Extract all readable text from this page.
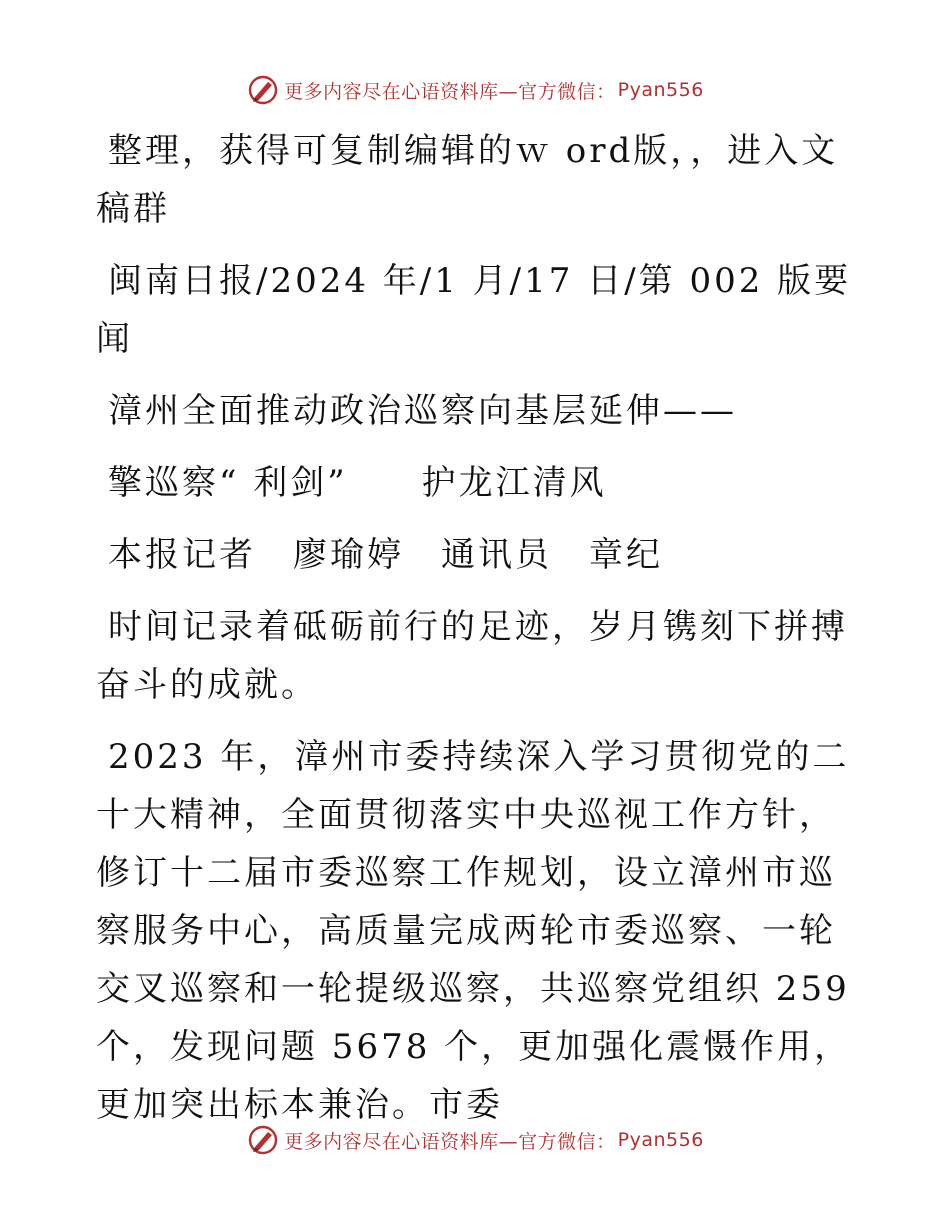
更多内容尽在心语资料库—官方微信： Pyan556

整理，获得可复制编辑的ｗ ord版，，进入文稿群

闽南日报/2024 年/1 月/17 日/第 002 版要闻

漳州全面推动政治巡察向基层延伸——

擎巡察“ 利剑”　　护龙江清风

本报记者　廖瑜婷　通讯员　章纪

时间记录着砥砺前行的足迹，岁月镌刻下拼搏奋斗的成就。

2023 年，漳州市委持续深入学习贯彻党的二十大精神，全面贯彻落实中央巡视工作方针，修订十二届市委巡察工作规划，设立漳州市巡察服务中心，高质量完成两轮市委巡察、一轮交叉巡察和一轮提级巡察，共巡察党组织 259 个，发现问题 5678 个，更加强化震慑作用，更加突出标本兼治。市委

更多内容尽在心语资料库—官方微信： Pyan556
